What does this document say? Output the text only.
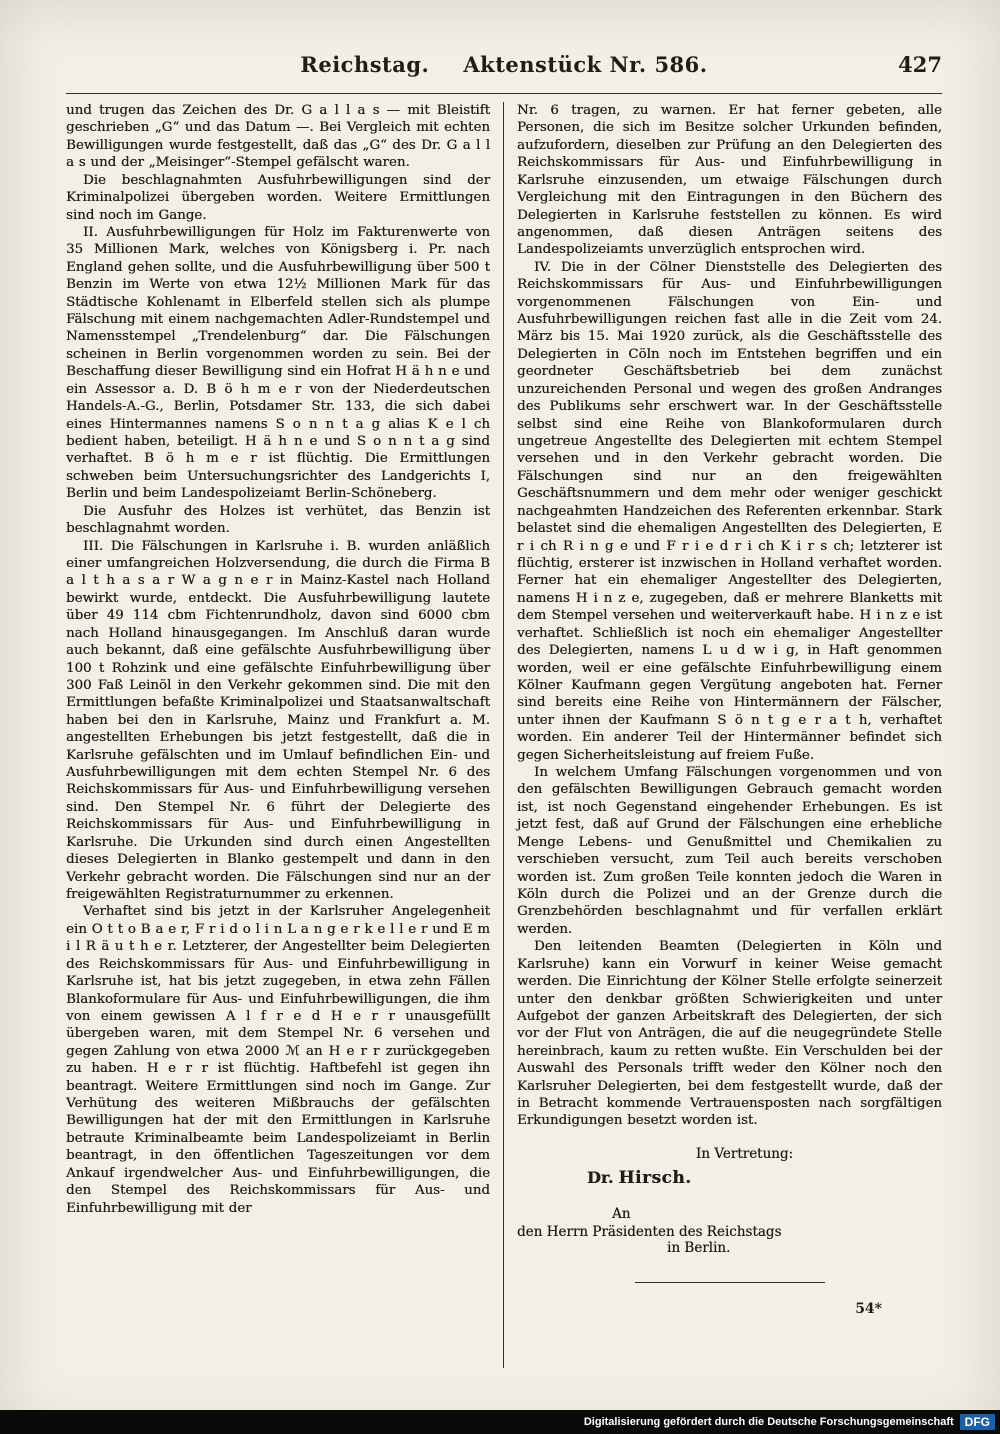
Reichstag. Aktenstück Nr. 586.	427

und trugen das Zeichen des Dr. G a l l a s — mit Bleistift geschrieben „G“ und das Datum —. Bei Vergleich mit echten Bewilligungen wurde festgestellt, daß das „G“ des Dr. G a l l a s und der „Meisinger“-Stempel gefälscht waren.

Die beschlagnahmten Ausfuhrbewilligungen sind der Kriminalpolizei übergeben worden. Weitere Ermittlungen sind noch im Gange.

II. Ausfuhrbewilligungen für Holz im Fakturenwerte von 35 Millionen Mark, welches von Königsberg i. Pr. nach England gehen sollte, und die Ausfuhrbewilligung über 500 t Benzin im Werte von etwa 12½ Millionen Mark für das Städtische Kohlenamt in Elberfeld stellen sich als plumpe Fälschung mit einem nachgemachten Adler-Rundstempel und Namensstempel „Trendelenburg“ dar. Die Fälschungen scheinen in Berlin vorgenommen worden zu sein. Bei der Beschaffung dieser Bewilligung sind ein Hofrat H ä h n e und ein Assessor a. D. B ö h m e r von der Niederdeutschen Handels-A.-G., Berlin, Potsdamer Str. 133, die sich dabei eines Hintermannes namens S o n n t a g alias K e l ch bedient haben, beteiligt. H ä h n e und S o n n t a g sind verhaftet. B ö h m e r ist flüchtig. Die Ermittlungen schweben beim Untersuchungsrichter des Landgerichts I, Berlin und beim Landespolizeiamt Berlin-Schöneberg.

Die Ausfuhr des Holzes ist verhütet, das Benzin ist beschlagnahmt worden.

III. Die Fälschungen in Karlsruhe i. B. wurden anläßlich einer umfangreichen Holzversendung, die durch die Firma B a l t h a s a r W a g n e r in Mainz-Kastel nach Holland bewirkt wurde, entdeckt. Die Ausfuhrbewilligung lautete über 49 114 cbm Fichtenrundholz, davon sind 6000 cbm nach Holland hinausgegangen. Im Anschluß daran wurde auch bekannt, daß eine gefälschte Ausfuhrbewilligung über 100 t Rohzink und eine gefälschte Einfuhrbewilligung über 300 Faß Leinöl in den Verkehr gekommen sind. Die mit den Ermittlungen befaßte Kriminalpolizei und Staatsanwaltschaft haben bei den in Karlsruhe, Mainz und Frankfurt a. M. angestellten Erhebungen bis jetzt festgestellt, daß die in Karlsruhe gefälschten und im Umlauf befindlichen Ein- und Ausfuhrbewilligungen mit dem echten Stempel Nr. 6 des Reichskommissars für Aus- und Einfuhrbewilligung versehen sind. Den Stempel Nr. 6 führt der Delegierte des Reichskommissars für Aus- und Einfuhrbewilligung in Karlsruhe. Die Urkunden sind durch einen Angestellten dieses Delegierten in Blanko gestempelt und dann in den Verkehr gebracht worden. Die Fälschungen sind nur an der freigewählten Registraturnummer zu erkennen.

Verhaftet sind bis jetzt in der Karlsruher Angelegenheit ein O t t o B a e r, F r i d o l i n L a n g e r k e l l e r und E m i l R ä u t h e r. Letzterer, der Angestellter beim Delegierten des Reichskommissars für Aus- und Einfuhrbewilligung in Karlsruhe ist, hat bis jetzt zugegeben, in etwa zehn Fällen Blankoformulare für Aus- und Einfuhrbewilligungen, die ihm von einem gewissen A l f r e d H e r r unausgefüllt übergeben waren, mit dem Stempel Nr. 6 versehen und gegen Zahlung von etwa 2000 ℳ an H e r r zurückgegeben zu haben. H e r r ist flüchtig. Haftbefehl ist gegen ihn beantragt. Weitere Ermittlungen sind noch im Gange. Zur Verhütung des weiteren Mißbrauchs der gefälschten Bewilligungen hat der mit den Ermittlungen in Karlsruhe betraute Kriminalbeamte beim Landespolizeiamt in Berlin beantragt, in den öffentlichen Tageszeitungen vor dem Ankauf irgendwelcher Aus- und Einfuhrbewilligungen, die den Stempel des Reichskommissars für Aus- und Einfuhrbewilligung mit der

Nr. 6 tragen, zu warnen. Er hat ferner gebeten, alle Personen, die sich im Besitze solcher Urkunden befinden, aufzufordern, dieselben zur Prüfung an den Delegierten des Reichskommissars für Aus- und Einfuhrbewilligung in Karlsruhe einzusenden, um etwaige Fälschungen durch Vergleichung mit den Eintragungen in den Büchern des Delegierten in Karlsruhe feststellen zu können. Es wird angenommen, daß diesen Anträgen seitens des Landespolizeiamts unverzüglich entsprochen wird.

IV. Die in der Cölner Dienststelle des Delegierten des Reichskommissars für Aus- und Einfuhrbewilligungen vorgenommenen Fälschungen von Ein- und Ausfuhrbewilligungen reichen fast alle in die Zeit vom 24. März bis 15. Mai 1920 zurück, als die Geschäftsstelle des Delegierten in Cöln noch im Entstehen begriffen und ein geordneter Geschäftsbetrieb bei dem zunächst unzureichenden Personal und wegen des großen Andranges des Publikums sehr erschwert war. In der Geschäftsstelle selbst sind eine Reihe von Blankoformularen durch ungetreue Angestellte des Delegierten mit echtem Stempel versehen und in den Verkehr gebracht worden. Die Fälschungen sind nur an den freigewählten Geschäftsnummern und dem mehr oder weniger geschickt nachgeahmten Handzeichen des Referenten erkennbar. Stark belastet sind die ehemaligen Angestellten des Delegierten, E r i ch R i n g e und F r i e d r i ch K i r s ch; letzterer ist flüchtig, ersterer ist inzwischen in Holland verhaftet worden. Ferner hat ein ehemaliger Angestellter des Delegierten, namens H i n z e, zugegeben, daß er mehrere Blanketts mit dem Stempel versehen und weiterverkauft habe. H i n z e ist verhaftet. Schließlich ist noch ein ehemaliger Angestellter des Delegierten, namens L u d w i g, in Haft genommen worden, weil er eine gefälschte Einfuhrbewilligung einem Kölner Kaufmann gegen Vergütung angeboten hat. Ferner sind bereits eine Reihe von Hintermännern der Fälscher, unter ihnen der Kaufmann S ö n t g e r a t h, verhaftet worden. Ein anderer Teil der Hintermänner befindet sich gegen Sicherheitsleistung auf freiem Fuße.

In welchem Umfang Fälschungen vorgenommen und von den gefälschten Bewilligungen Gebrauch gemacht worden ist, ist noch Gegenstand eingehender Erhebungen. Es ist jetzt fest, daß auf Grund der Fälschungen eine erhebliche Menge Lebens- und Genußmittel und Chemikalien zu verschieben versucht, zum Teil auch bereits verschoben worden ist. Zum großen Teile konnten jedoch die Waren in Köln durch die Polizei und an der Grenze durch die Grenzbehörden beschlagnahmt und für verfallen erklärt werden.

Den leitenden Beamten (Delegierten in Köln und Karlsruhe) kann ein Vorwurf in keiner Weise gemacht werden. Die Einrichtung der Kölner Stelle erfolgte seinerzeit unter den denkbar größten Schwierigkeiten und unter Aufgebot der ganzen Arbeitskraft des Delegierten, der sich vor der Flut von Anträgen, die auf die neugegründete Stelle hereinbrach, kaum zu retten wußte. Ein Verschulden bei der Auswahl des Personals trifft weder den Kölner noch den Karlsruher Delegierten, bei dem festgestellt wurde, daß der in Betracht kommende Vertrauensposten nach sorgfältigen Erkundigungen besetzt worden ist.

In Vertretung:

Dr. Hirsch.

An

den Herrn Präsidenten des Reichstags

in Berlin.

54*
Digitalisierung gefördert durch die Deutsche Forschungsgemeinschaft DFG
